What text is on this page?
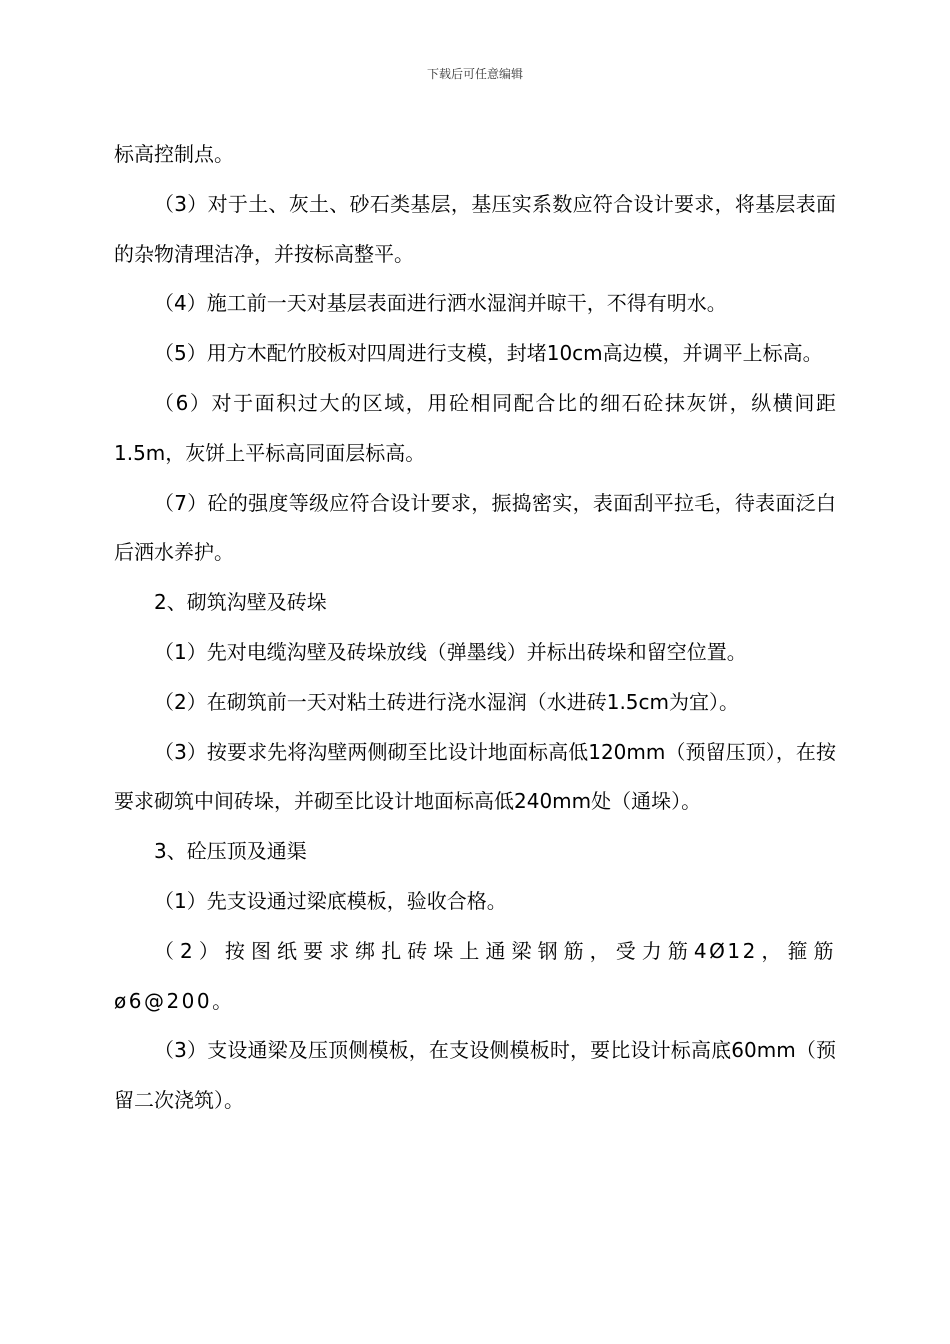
下载后可任意编辑

标高控制点。

（3）对于土、灰土、砂石类基层，基压实系数应符合设计要求，将基层表面的杂物清理洁净，并按标高整平。

（4）施工前一天对基层表面进行洒水湿润并晾干，不得有明水。

（5）用方木配竹胶板对四周进行支模，封堵10cm高边模，并调平上标高。

（6）对于面积过大的区域，用砼相同配合比的细石砼抹灰饼，纵横间距1.5m，灰饼上平标高同面层标高。

（7）砼的强度等级应符合设计要求，振捣密实，表面刮平拉毛，待表面泛白后洒水养护。

2、砌筑沟壁及砖垛

（1）先对电缆沟壁及砖垛放线（弹墨线）并标出砖垛和留空位置。

（2）在砌筑前一天对粘土砖进行浇水湿润（水进砖1.5cm为宜）。

（3）按要求先将沟壁两侧砌至比设计地面标高低120mm（预留压顶），在按要求砌筑中间砖垛，并砌至比设计地面标高低240mm处（通垛）。

3、砼压顶及通渠

（1）先支设通过梁底模板，验收合格。

（2）按图纸要求绑扎砖垛上通梁钢筋，受力筋4Ø12，箍筋ø6@200。

（3）支设通梁及压顶侧模板，在支设侧模板时，要比设计标高底60mm（预留二次浇筑）。
